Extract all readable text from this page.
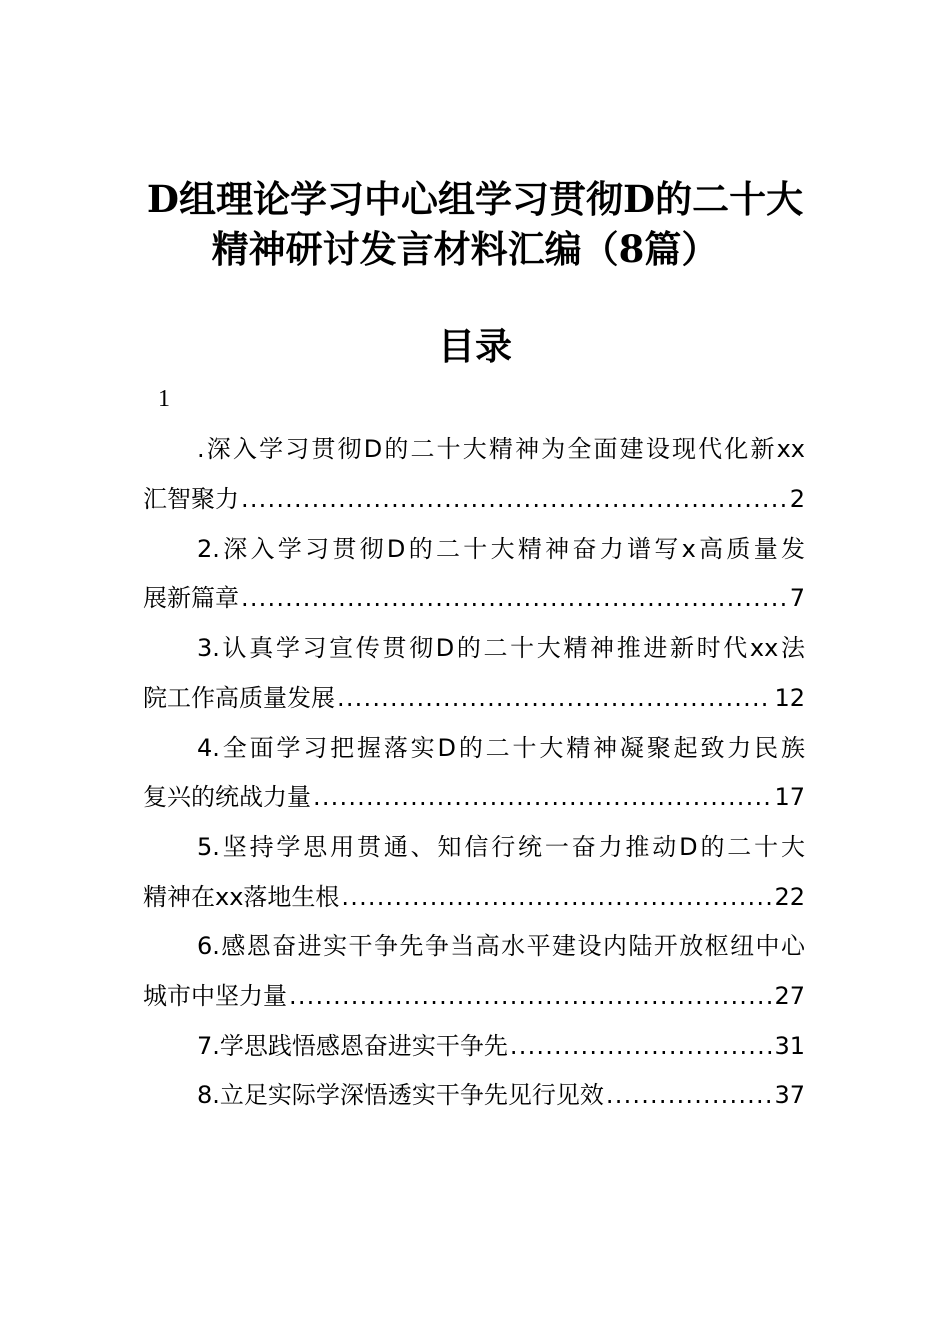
D组理论学习中心组学习贯彻D的二十大
精神研讨发言材料汇编（8篇）
目录
1
.深入学习贯彻D的二十大精神为全面建设现代化新xx
汇智聚力 .....	2
2.深入学习贯彻D的二十大精神奋力谱写x高质量发
展新篇章 .....	7
3.认真学习宣传贯彻D的二十大精神推进新时代xx法
院工作高质量发展 .....	12
4.全面学习把握落实D的二十大精神凝聚起致力民族
复兴的统战力量 .....	17
5.坚持学思用贯通、知信行统一奋力推动D的二十大
精神在xx落地生根 .....	22
6.感恩奋进实干争先争当高水平建设内陆开放枢纽中心
城市中坚力量 .....	27
7.学思践悟感恩奋进实干争先 .....	31
8.立足实际学深悟透实干争先见行见效 .....	37
